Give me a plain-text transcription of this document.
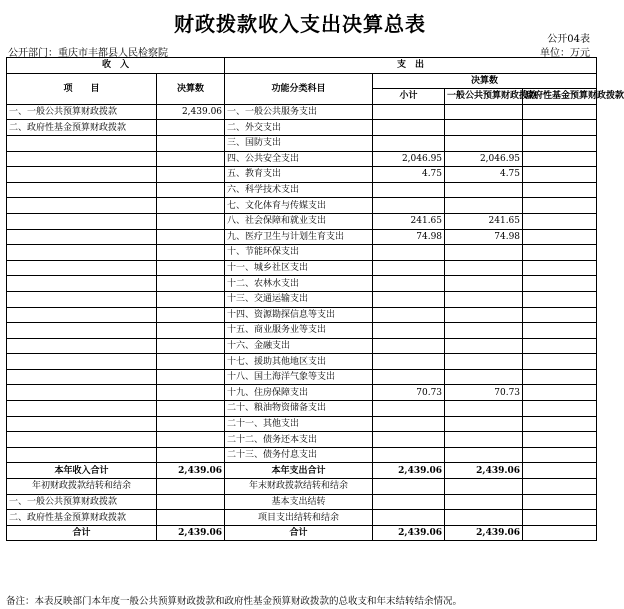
财政拨款收入支出决算总表
公开04表
公开部门：重庆市丰都县人民检察院	单位：万元
收　入		支　出			
项　　目	决算数	功能分类科目	决算数		
			小计	一般公共预算财政拨款	政府性基金预算财政拨款

一、一般公共预算财政拨款	2,439.06	一、一般公共服务支出			
二、政府性基金预算财政拨款		二、外交支出			
		三、国防支出			
		四、公共安全支出	2,046.95	2,046.95	
		五、教育支出	4.75	4.75	
		六、科学技术支出			
		七、文化体育与传媒支出			
		八、社会保障和就业支出	241.65	241.65	
		九、医疗卫生与计划生育支出	74.98	74.98	
		十、节能环保支出			
		十一、城乡社区支出			
		十二、农林水支出			
		十三、交通运输支出			
		十四、资源勘探信息等支出			
		十五、商业服务业等支出			
		十六、金融支出			
		十七、援助其他地区支出			
		十八、国土海洋气象等支出			
		十九、住房保障支出	70.73	70.73	
		二十、粮油物资储备支出			
		二十一、其他支出			
		二十二、债务还本支出			
		二十三、债务付息支出			
本年收入合计	2,439.06	本年支出合计	2,439.06	2,439.06	
年初财政拨款结转和结余		年末财政拨款结转和结余			
一、一般公共预算财政拨款		基本支出结转			
二、政府性基金预算财政拨款		项目支出结转和结余			
合计	2,439.06	合计	2,439.06	2,439.06	
备注：本表反映部门本年度一般公共预算财政拨款和政府性基金预算财政拨款的总收支和年末结转结余情况。
